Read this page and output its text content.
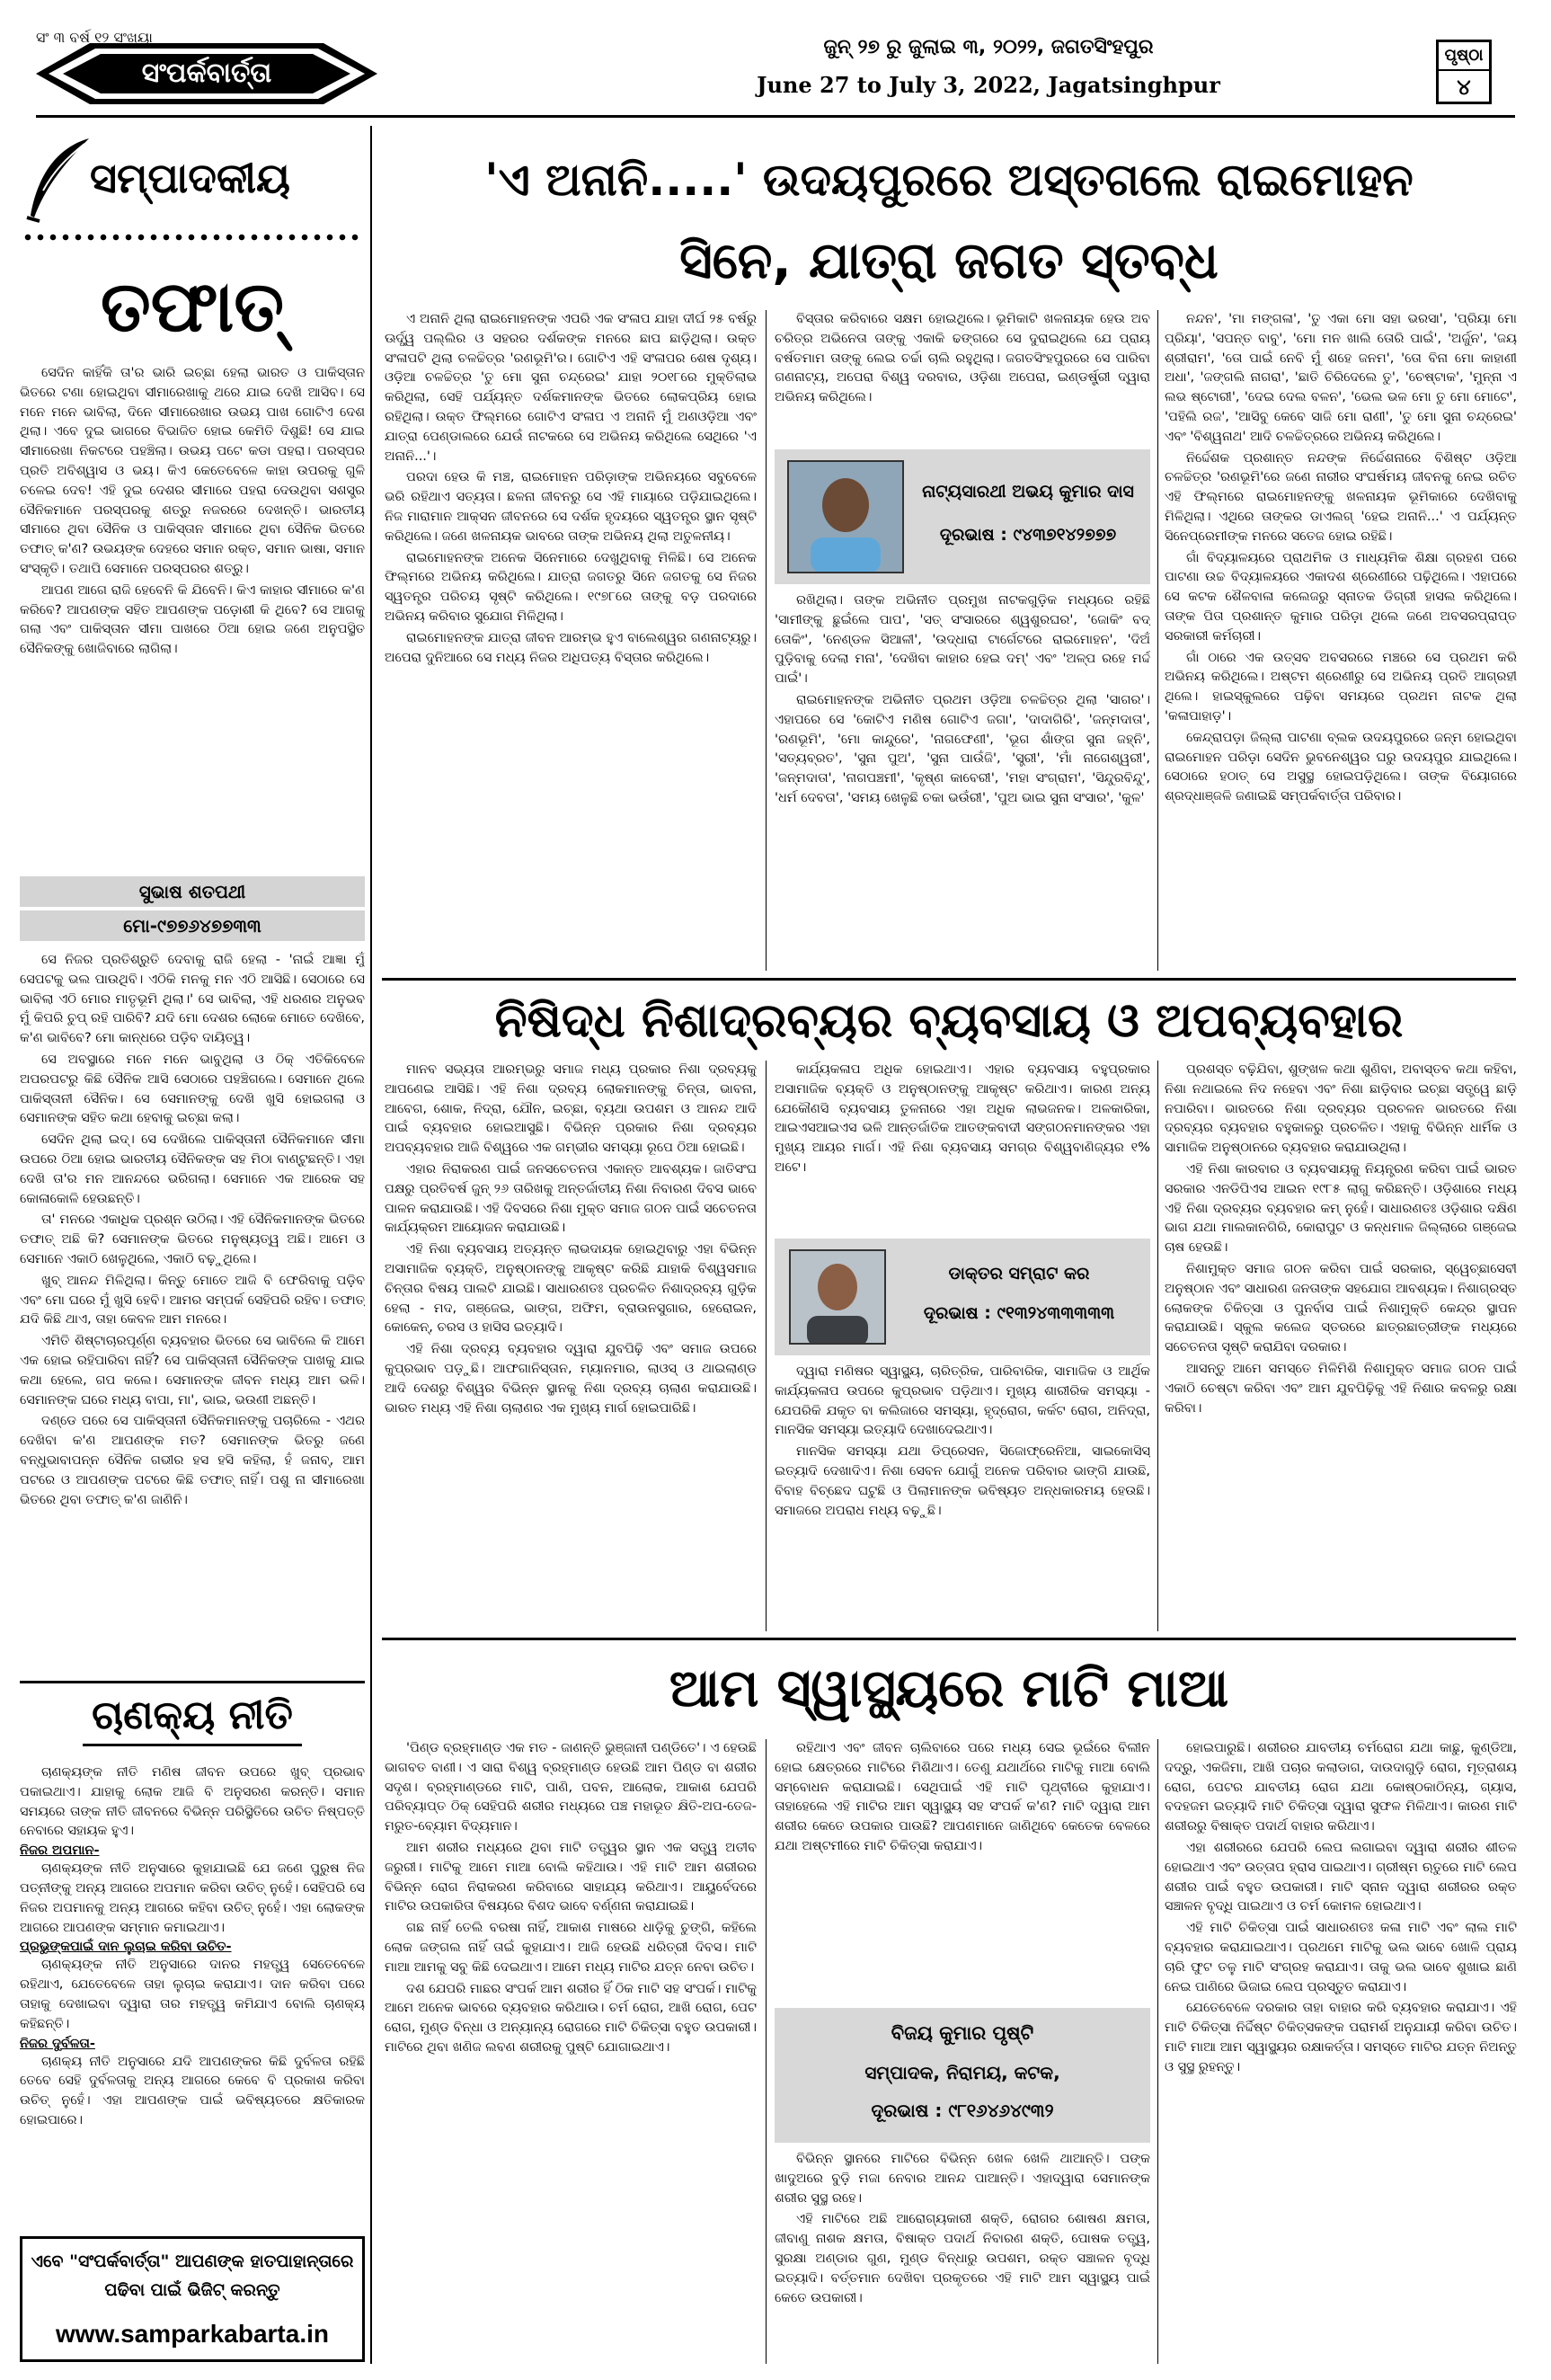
ସଂ ୩ ବର୍ଷ ୧୨ ସଂଖ୍ୟା
ସଂପର୍କବାର୍ତ୍ତା
ଜୁନ୍ ୨୭ ରୁ ଜୁଲାଇ ୩, ୨୦୨୨, ଜଗତସିଂହପୁର
June 27 to July 3, 2022, Jagatsinghpur
ପୃଷ୍ଠା
୪
ସମ୍ପାଦକୀୟ
ତଫାତ୍

ସେଦିନ କାହିଁକି ତା'ର ଭାରି ଇଚ୍ଛା ହେଲା ଭାରତ ଓ ପାକିସ୍ତାନ ଭିତରେ ଟଣା ହୋଇଥିବା ସୀମାରେଖାକୁ ଥରେ ଯାଇ ଦେଖି ଆସିବ। ସେ ମନେ ମନେ ଭାବିଲା, ଦିନେ ସୀମାରେଖାର ଉଭୟ ପାଖ ଗୋଟିଏ ଦେଶ ଥିଲା। ଏବେ ଦୁଇ ଭାଗରେ ବିଭାଜିତ ହୋଇ କେମିତି ଦିଶୁଛି! ସେ ଯାଇ ସୀମାରେଖା ନିକଟରେ ପହଞ୍ଚିଲା। ଉଭୟ ପଟେ କଡା ପହରା। ପରସ୍ପର ପ୍ରତି ଅବିଶ୍ୱାସ ଓ ଭୟ। କିଏ କେତେବେଳେ କାହା ଉପରକୁ ଗୁଳି ଚଳେଇ ଦେବ! ଏହି ଦୁଇ ଦେଶର ସୀମାରେ ପହରା ଦେଉଥିବା ସଶସ୍ତ୍ର ସୈନିକମାନେ ପରସ୍ପରକୁ ଶତ୍ରୁ ନଜରରେ ଦେଖନ୍ତି। ଭାରତୀୟ ସୀମାରେ ଥିବା ସୈନିକ ଓ ପାକିସ୍ତାନ ସୀମାରେ ଥିବା ସୈନିକ ଭିତରେ ତଫାତ୍ କ'ଣ? ଉଭୟଙ୍କ ଦେହରେ ସମାନ ରକ୍ତ, ସମାନ ଭାଷା, ସମାନ ସଂସ୍କୃତି। ତଥାପି ସେମାନେ ପରସ୍ପରର ଶତ୍ରୁ।

ଆପଣ ଆଗେ ରାଜି ହେବେନି କି ଯିବେନି। କିଏ କାହାର ସୀମାରେ କ'ଣ କରିବେ? ଆପଣଙ୍କ ସହିତ ଆପଣଙ୍କ ପଡ଼ୋଶୀ କି ଥିବେ? ସେ ଆଗକୁ ଗଲା ଏବଂ ପାକିସ୍ତାନ ସୀମା ପାଖରେ ଠିଆ ହୋଇ ଜଣେ ଅନୁପସ୍ଥିତ ସୈନିକଙ୍କୁ ଖୋଜିବାରେ ଲାଗିଲା।

ସୁଭାଷ ଶତପଥୀ
ମୋ-୯୭୭୬୪୭୭୩୩

ସେ ନିଜର ପ୍ରତିଶ୍ରୁତି ଦେବାକୁ ରାଜି ହେଲା - 'ନାଇଁ ଆଜ୍ଞା ମୁଁ ସେପଟକୁ ଭଲ ପାଉଥିବି। ଏଠିକି ମନକୁ ମନ ଏଠି ଆସିଛି। ସେଠାରେ ସେ ଭାବିଲା ଏଠି ମୋର ମାତୃଭୂମି ଥିଲା।' ସେ ଭାବିଲା, ଏହି ଧରଣର ଅନୁଭବ ମୁଁ କିପରି ଚୁପ୍ ରହି ପାରିବି? ଯଦି ମୋ ଦେଶର ଲୋକେ ମୋତେ ଦେଖିବେ, କ'ଣ ଭାବିବେ? ମୋ କାନ୍ଧରେ ପଡ଼ିବ ଦାୟିତ୍ୱ।

ସେ ଅବସ୍ଥାରେ ମନେ ମନେ ଭାବୁଥିଲା ଓ ଠିକ୍ ଏତିକିବେଳେ ଅପରପଟରୁ କିଛି ସୈନିକ ଆସି ସେଠାରେ ପହଞ୍ଚିଗଲେ। ସେମାନେ ଥିଲେ ପାକିସ୍ତାନୀ ସୈନିକ। ସେ ସେମାନଙ୍କୁ ଦେଖି ଖୁସି ହୋଇଗଲା ଓ ସେମାନଙ୍କ ସହିତ କଥା ହେବାକୁ ଇଚ୍ଛା କଲା।

ସେଦିନ ଥିଲା ଇଦ୍। ସେ ଦେଖିଲେ ପାକିସ୍ତାନୀ ସୈନିକମାନେ ସୀମା ଉପରେ ଠିଆ ହୋଇ ଭାରତୀୟ ସୈନିକଙ୍କ ସହ ମିଠା ବାଣ୍ଟୁଛନ୍ତି। ଏହା ଦେଖି ତା'ର ମନ ଆନନ୍ଦରେ ଭରିଗଲା। ସେମାନେ ଏକ ଆରେକ ସହ କୋଳାକୋଳି ହେଉଛନ୍ତି।

ତା' ମନରେ ଏକାଧିକ ପ୍ରଶ୍ନ ଉଠିଲା। ଏହି ସୈନିକମାନଙ୍କ ଭିତରେ ତଫାତ୍ ଅଛି କି? ସେମାନଙ୍କ ଭିତରେ ମନୁଷ୍ୟତ୍ୱ ଅଛି। ଆମେ ଓ ସେମାନେ ଏକାଠି ଖେଳୁଥିଲେ, ଏକାଠି ବଢ଼ୁଥିଲେ।

ଖୁବ୍ ଆନନ୍ଦ ମିଳିଥିଲା। କିନ୍ତୁ ମୋତେ ଆଜି ବି ଫେରିବାକୁ ପଡ଼ିବ ଏବଂ ମୋ ଘରେ ମୁଁ ଖୁସି ହେବି। ଆମର ସମ୍ପର୍କ ସେହିପରି ରହିବ। ତଫାତ୍ ଯଦି କିଛି ଥାଏ, ତାହା କେବଳ ଆମ ମନରେ।

ଏମିତି ଶିଷ୍ଟାଚାରପୂର୍ଣ୍ଣ ବ୍ୟବହାର ଭିତରେ ସେ ଭାବିଲେ କି ଆମେ ଏକ ହୋଇ ରହିପାରିବା ନାହିଁ? ସେ ପାକିସ୍ତାନୀ ସୈନିକଙ୍କ ପାଖକୁ ଯାଇ କଥା ହେଲେ, ଗପ କଲେ। ସେମାନଙ୍କ ଜୀବନ ମଧ୍ୟ ଆମ ଭଳି। ସେମାନଙ୍କ ଘରେ ମଧ୍ୟ ବାପା, ମା', ଭାଇ, ଭଉଣୀ ଅଛନ୍ତି।

ଦଣ୍ଡେ ପରେ ସେ ପାକିସ୍ତାନୀ ସୈନିକମାନଙ୍କୁ ପଚାରିଲେ - ଏଥର ଦେଖିବା କ'ଣ ଆପଣଙ୍କ ମତ? ସେମାନଙ୍କ ଭିତରୁ ଜଣେ ବନ୍ଧୁଭାବାପନ୍ନ ସୈନିକ ଗଭୀର ହସ ହସି କହିଲା, ହଁ ଜନାବ୍, ଆମ ପଟରେ ଓ ଆପଣଙ୍କ ପଟରେ କିଛି ତଫାତ୍ ନାହିଁ। ପଶୁ ନା ସୀମାରେଖା ଭିତରେ ଥିବା ତଫାତ୍ କ'ଣ ଜାଣିନି।

ଚାଣକ୍ୟ ନୀତି

ଚାଣକ୍ୟଙ୍କ ନୀତି ମଣିଷ ଜୀବନ ଉପରେ ଖୁବ୍ ପ୍ରଭାବ ପକାଇଥାଏ। ଯାହାକୁ ଲୋକ ଆଜି ବି ଅନୁସରଣ କରନ୍ତି। ସମାନ ସମୟରେ ତାଙ୍କ ନୀତି ଜୀବନରେ ବିଭିନ୍ନ ପରିସ୍ଥିତିରେ ଉଚିତ ନିଷ୍ପତ୍ତି ନେବାରେ ସହାୟକ ହୁଏ।

ନିଜର ଅପମାନ-

ଚାଣକ୍ୟଙ୍କ ନୀତି ଅନୁସାରେ କୁହାଯାଇଛି ଯେ ଜଣେ ପୁରୁଷ ନିଜ ପତ୍ନୀଙ୍କୁ ଅନ୍ୟ ଆଗରେ ଅପମାନ କରିବା ଉଚିତ୍ ନୁହେଁ। ସେହିପରି ସେ ନିଜର ଅପମାନକୁ ଅନ୍ୟ ଆଗରେ କହିବା ଉଚିତ୍ ନୁହେଁ। ଏହା ଲୋକଙ୍କ ଆଗରେ ଆପଣଙ୍କ ସମ୍ମାନ କମାଇଥାଏ।

ପ୍ରଭୁଙ୍କପାଇଁ ଦାନ ଲୁଚାଇ କରିବା ଉଚିତ-

ଚାଣକ୍ୟଙ୍କ ନୀତି ଅନୁସାରେ ଦାନର ମହତ୍ତ୍ୱ ସେତେବେଳେ ରହିଥାଏ, ଯେତେବେଳେ ତାହା ଲୁଚାଇ କରାଯାଏ। ଦାନ କରିବା ପରେ ତାହାକୁ ଦେଖାଇବା ଦ୍ୱାରା ତାର ମହତ୍ତ୍ୱ କମିଯାଏ ବୋଲି ଚାଣକ୍ୟ କହିଛନ୍ତି।

ନିଜର ଦୁର୍ବଳତା-

ଚାଣକ୍ୟ ନୀତି ଅନୁସାରେ ଯଦି ଆପଣଙ୍କର କିଛି ଦୁର୍ବଳତା ରହିଛି ତେବେ ସେହି ଦୁର୍ବଳତାକୁ ଅନ୍ୟ ଆଗରେ କେବେ ବି ପ୍ରକାଶ କରିବା ଉଚିତ୍ ନୁହେଁ। ଏହା ଆପଣଙ୍କ ପାଇଁ ଭବିଷ୍ୟତରେ କ୍ଷତିକାରକ ହୋଇପାରେ।

ଏବେ "ସଂପର୍କବାର୍ତ୍ତା" ଆପଣଙ୍କ ହାତପାହାନ୍ତାରେ
ପଢିବା ପାଇଁ ଭିଜିଟ୍ କରନ୍ତୁ
www.samparkabarta.in
'ଏ ଅନାନି.....' ଉଦୟପୁରରେ ଅସ୍ତଗଲେ ରାଇମୋହନ
ସିନେ, ଯାତ୍ରା ଜଗତ ସ୍ତବ୍ଧ

ଏ ଅନାନି ଥିଲା ରାଇମୋହନଙ୍କ ଏପରି ଏକ ସଂଳାପ ଯାହା ଦୀର୍ଘ ୨୫ ବର୍ଷରୁ ଊର୍ଦ୍ଧ୍ୱ ପଲ୍ଲିର ଓ ସହରର ଦର୍ଶକଙ୍କ ମନରେ ଛାପ ଛାଡ଼ିଥିଲା। ଉକ୍ତ ସଂଳାପଟି ଥିଲା ଚଳଚ୍ଚିତ୍ର 'ରଣଭୂମି'ର। ଗୋଟିଏ ଏହି ସଂଳାପର ଶେଷ ଦୃଶ୍ୟ। ଓଡ଼ିଆ ଚଳଚ୍ଚିତ୍ର 'ତୁ ମୋ ସୁନା ଚନ୍ଦ୍ରେଇ' ଯାହା ୨୦୧୮ରେ ମୁକ୍ତିଲାଭ କରିଥିଲା, ସେହି ପର୍ଯ୍ୟନ୍ତ ଦର୍ଶକମାନଙ୍କ ଭିତରେ ଲୋକପ୍ରିୟ ହୋଇ ରହିଥିଲା। ଉକ୍ତ ଫିଲ୍ମରେ ଗୋଟିଏ ସଂଳାପ ଏ ଅନାନି ମୁଁ ଅଣଓଡ଼ିଆ ଏବଂ ଯାତ୍ରା ପେଣ୍ଡାଲରେ ଯେଉଁ ନାଟକରେ ସେ ଅଭିନୟ କରିଥିଲେ ସେଥିରେ 'ଏ ଅନାନି...'।

ପରଦା ହେଉ କି ମଞ୍ଚ, ରାଇମୋହନ ପରିଡ଼ାଙ୍କ ଅଭିନୟରେ ସବୁବେଳେ ଭରି ରହିଥାଏ ସତ୍ୟତା। ଛଳନା ଜୀବନରୁ ସେ ଏହି ମାୟାରେ ପଡ଼ିଯାଇଥିଲେ। ନିଜ ମାରାମାନ ଆକ୍ସନ ଜୀବନରେ ସେ ଦର୍ଶକ ହୃଦୟରେ ସ୍ୱତନ୍ତ୍ର ସ୍ଥାନ ସୃଷ୍ଟି କରିଥିଲେ। ଜଣେ ଖଳନାୟକ ଭାବରେ ତାଙ୍କ ଅଭିନୟ ଥିଲା ଅତୁଳନୀୟ।

ରାଇମୋହନଙ୍କ ଅନେକ ସିନେମାରେ ଦେଖୁଥିବାକୁ ମିଳିଛି। ସେ ଅନେକ ଫିଲ୍ମରେ ଅଭିନୟ କରିଥିଲେ। ଯାତ୍ରା ଜଗତରୁ ସିନେ ଜଗତକୁ ସେ ନିଜର ସ୍ୱତନ୍ତ୍ର ପରିଚୟ ସୃଷ୍ଟି କରିଥିଲେ। ୧୯୭୮ରେ ତାଙ୍କୁ ବଡ଼ ପରଦାରେ ଅଭିନୟ କରିବାର ସୁଯୋଗ ମିଳିଥିଲା।

ରାଇମୋହନଙ୍କ ଯାତ୍ରା ଜୀବନ ଆରମ୍ଭ ହୁଏ ବାଲେଶ୍ୱର ଗଣନାଟ୍ୟରୁ। ଅପେରା ଦୁନିଆରେ ସେ ମଧ୍ୟ ନିଜର ଅଧିପତ୍ୟ ବିସ୍ତାର କରିଥିଲେ।

ବିସ୍ତାର କରିବାରେ ସକ୍ଷମ ହୋଇଥିଲେ। ଭୂମିକାଟି ଖଳନାୟକ ହେଉ ଅବ ଚରିତ୍ର ଅଭିନେତା ତାଙ୍କୁ ଏକାକି ଢଙ୍ଗରେ ସେ ଦୁରାଇଥିଲେ ଯେ ପ୍ରାୟ ବର୍ଷତମାମ ତାଙ୍କୁ ଲେଇ ଚର୍ଚ୍ଚା ଚାଲି ରହୁଥିଲା। ଜଗତସିଂହପୁରରେ ସେ ପାରିବା ଗଣନାଟ୍ୟ, ଅପେରା ବିଶ୍ୱ ଦରବାର, ଓଡ଼ିଶା ଅପେରା, ଇଣ୍ଡର୍ଷ୍ଟ୍ରୀ ଦ୍ୱାରା ଅଭିନୟ କରିଥିଲେ।

ନାଟ୍ୟସାରଥୀ ଅଭୟ କୁମାର ଦାସ
ଦୂରଭାଷ : ୯୪୩୭୧୪୨୭୭୭

ରଖିଥିଲା। ତାଙ୍କ ଅଭିନୀତ ପ୍ରମୁଖ ନାଟକଗୁଡ଼ିକ ମଧ୍ୟରେ ରହିଛି 'ସାମୀଙ୍କୁ ଛୁଇଁଲେ ପାପ', 'ସତ୍ ସଂସାରରେ ଶ୍ୱଶୁରଘର', 'ଜୋକିଂ ବଦ୍ ତୋକିଂ', 'ନେଣ୍ଡଳ ସିଆଳୀ', 'ଉଦ୍ଧାରା ଟାର୍ଗେଟରେ ରାଇମୋହନ', 'ଦିଅଁ ପୁଡ଼ିବାକୁ ଦେଲା ମନା', 'ଦେଖିବା କାହାର ହେଇ ଦମ୍' ଏବଂ 'ଅଳ୍ପ ରହେ ମର୍ଦ୍ଦ ପାଇଁ'।

ରାଇମୋହନଙ୍କ ଅଭିନୀତ ପ୍ରଥମ ଓଡ଼ିଆ ଚଳଚ୍ଚିତ୍ର ଥିଲା 'ସାଗର'। ଏହାପରେ ସେ 'କୋଟିଏ ମଣିଷ ଗୋଟିଏ ଜଗା', 'ଦାଦାଗିରି', 'ଜନ୍ମଦାତା', 'ରଣଭୂମି', 'ମୋ କାନ୍ଦୁରେ', 'ନାଗଫେଣୀ', 'ଭୂଗ ଶାଁଙ୍ଗ ସୁନା ଜହ୍ନି', 'ସତ୍ୟବ୍ରତ', 'ସୁନା ପୁଅ', 'ସୁନା ପାଉଁଜି', 'ସ୍ତ୍ରୀ', 'ମାଁ ନାଗେଶ୍ୱରୀ', 'ଜନ୍ମଦାତା', 'ନାଗପଞ୍ଚମୀ', 'କୃଷ୍ଣ କାବେରୀ', 'ମହା ସଂଗ୍ରାମ', 'ସିନ୍ଦୁରବିନ୍ଦୁ', 'ଧର୍ମ ଦେବତା', 'ସମୟ ଖେଳୁଛି ଚକା ଭଉଁରୀ', 'ପୁଅ ଭାଇ ସୁନା ସଂସାର', 'କୁଳ'

ନନ୍ଦନ', 'ମା ମଙ୍ଗଳା', 'ତୁ ଏକା ମୋ ସହା ଭରସା', 'ପ୍ରିୟା ମୋ ପ୍ରିୟା', 'ସପନ୍ତ ବାବୁ', 'ମୋ ମନ ଖାଲି ତୋରି ପାଇଁ', 'ଅର୍ଜୁନ', 'ଜୟ ଶ୍ରୀରାମ', 'ତୋ ପାଇଁ ନେବି ମୁଁ ଶହେ ଜନମ', 'ତୋ ବିନା ମୋ କାହାଣୀ ଅଧା', 'ଜଙ୍ଗଲି ନାଗରା', 'ଛାତି ଚିରିଦେଲେ ତୁ', 'ଚେଷ୍ଟାକ', 'ମୁନ୍ନା ଏ ଲଭ ଷ୍ଟୋରୀ', 'ଦେଇ ଦେଲ ବଳନ', 'ଭେଲ ଭଳ ମୋ ତୁ ମୋ ମୋଟେ', 'ପହିଲି ରଜ', 'ଆସିବୁ କେବେ ସାଜି ମୋ ରାଣୀ', 'ତୁ ମୋ ସୁନା ଚନ୍ଦ୍ରେଇ' ଏବଂ 'ବିଶ୍ୱନାଥ' ଆଦି ଚଳଚ୍ଚିତ୍ରରେ ଅଭିନୟ କରିଥିଲେ।

ନିର୍ଦ୍ଦେଶକ ପ୍ରଶାନ୍ତ ନନ୍ଦଙ୍କ ନିର୍ଦ୍ଦେଶନାରେ ବିଶିଷ୍ଟ ଓଡ଼ିଆ ଚଳଚ୍ଚିତ୍ର 'ରଣଭୂମି'ରେ ଜଣେ ନାରୀର ସଂଘର୍ଷମୟ ଜୀବନକୁ ନେଇ ରଚିତ ଏହି ଫିଲ୍ମରେ ରାଇମୋହନଙ୍କୁ ଖଳନାୟକ ଭୂମିକାରେ ଦେଖିବାକୁ ମିଳିଥିଲା। ଏଥିରେ ତାଙ୍କର ଡାଏଲଗ୍ 'ହେଇ ଅନାନି...' ଏ ପର୍ଯ୍ୟନ୍ତ ସିନେପ୍ରେମୀଙ୍କ ମନରେ ସତେଜ ହୋଇ ରହିଛି।

ଗାଁ ବିଦ୍ୟାଳୟରେ ପ୍ରାଥମିକ ଓ ମାଧ୍ୟମିକ ଶିକ୍ଷା ଗ୍ରହଣ ପରେ ପାଟଣା ଉଚ୍ଚ ବିଦ୍ୟାଳୟରେ ଏକାଦଶ ଶ୍ରେଣୀରେ ପଢ଼ିଥିଲେ। ଏହାପରେ ସେ କଟକ ଶୈଳବାଳା କଲେଜରୁ ସ୍ନାତକ ଡିଗ୍ରୀ ହାସଲ କରିଥିଲେ। ତାଙ୍କ ପିତା ପ୍ରଶାନ୍ତ କୁମାର ପରିଡ଼ା ଥିଲେ ଜଣେ ଅବସରପ୍ରାପ୍ତ ସରକାରୀ କର୍ମଚାରୀ।

ଗାଁ ଠାରେ ଏକ ଉତ୍ସବ ଅବସରରେ ମଞ୍ଚରେ ସେ ପ୍ରଥମ କରି ଅଭିନୟ କରିଥିଲେ। ଅଷ୍ଟମ ଶ୍ରେଣୀରୁ ସେ ଅଭିନୟ ପ୍ରତି ଆଗ୍ରହୀ ଥିଲେ। ହାଇସ୍କୁଲରେ ପଢ଼ିବା ସମୟରେ ପ୍ରଥମ ନାଟକ ଥିଲା 'କଳାପାହାଡ଼'।

କେନ୍ଦ୍ରାପଡ଼ା ଜିଲ୍ଲା ପାଟଣା ବ୍ଲକ ଉଦୟପୁରରେ ଜନ୍ମ ହୋଇଥିବା ରାଇମୋହନ ପରିଡ଼ା ସେଦିନ ଭୁବନେଶ୍ୱର ଘରୁ ଉଦୟପୁର ଯାଇଥିଲେ। ସେଠାରେ ହଠାତ୍ ସେ ଅସୁସ୍ଥ ହୋଇପଡ଼ିଥିଲେ। ତାଙ୍କ ବିୟୋଗରେ ଶ୍ରଦ୍ଧାଞ୍ଜଳି ଜଣାଇଛି ସମ୍ପର୍କବାର୍ତ୍ତା ପରିବାର।

ନିଷିଦ୍ଧ ନିଶାଦ୍ରବ୍ୟର ବ୍ୟବସାୟ ଓ ଅପବ୍ୟବହାର

ମାନବ ସଭ୍ୟତା ଆରମ୍ଭରୁ ସମାଜ ମଧ୍ୟ ପ୍ରକାର ନିଶା ଦ୍ରବ୍ୟକୁ ଆପଣେଇ ଆସିଛି। ଏହି ନିଶା ଦ୍ରବ୍ୟ ଲୋକମାନଙ୍କୁ ଚିନ୍ତା, ଭାବନା, ଆବେଗ, ଶୋକ, ନିଦ୍ରା, ଯୌନ, ଇଚ୍ଛା, ବ୍ୟଥା ଉପଶମ ଓ ଆନନ୍ଦ ଆଦି ପାଇଁ ବ୍ୟବହାର ହୋଇଆସୁଛି। ବିଭିନ୍ନ ପ୍ରକାର ନିଶା ଦ୍ରବ୍ୟର ଅପବ୍ୟବହାର ଆଜି ବିଶ୍ୱରେ ଏକ ଗମ୍ଭୀର ସମସ୍ୟା ରୂପେ ଠିଆ ହୋଇଛି।

ଏହାର ନିରାକରଣ ପାଇଁ ଜନସଚେତନତା ଏକାନ୍ତ ଆବଶ୍ୟକ। ଜାତିସଂଘ ପକ୍ଷରୁ ପ୍ରତିବର୍ଷ ଜୁନ୍ ୨୬ ତାରିଖକୁ ଅନ୍ତର୍ଜାତୀୟ ନିଶା ନିବାରଣ ଦିବସ ଭାବେ ପାଳନ କରାଯାଉଛି। ଏହି ଦିବସରେ ନିଶା ମୁକ୍ତ ସମାଜ ଗଠନ ପାଇଁ ସଚେତନତା କାର୍ଯ୍ୟକ୍ରମ ଆୟୋଜନ କରାଯାଉଛି।

ଏହି ନିଶା ବ୍ୟବସାୟ ଅତ୍ୟନ୍ତ ଲାଭଦାୟକ ହୋଇଥିବାରୁ ଏହା ବିଭିନ୍ନ ଅସାମାଜିକ ବ୍ୟକ୍ତି, ଅନୁଷ୍ଠାନଙ୍କୁ ଆକୃଷ୍ଟ କରିଛି ଯାହାକି ବିଶ୍ୱସମାଜ ଚିନ୍ତାର ବିଷୟ ପାଲଟି ଯାଇଛି। ସାଧାରଣତଃ ପ୍ରଚଳିତ ନିଶାଦ୍ରବ୍ୟ ଗୁଡ଼ିକ ହେଲା - ମଦ, ଗଞ୍ଜେଇ, ଭାଙ୍ଗ, ଅଫିମ, ବ୍ରାଉନସୁଗାର, ହେରୋଇନ, କୋକେନ୍, ଚରସ ଓ ହାସିସ ଇତ୍ୟାଦି।

ଏହି ନିଶା ଦ୍ରବ୍ୟ ବ୍ୟବହାର ଦ୍ୱାରା ଯୁବପିଢ଼ି ଏବଂ ସମାଜ ଉପରେ କୁପ୍ରଭାବ ପଡ଼ୁଛି। ଆଫଗାନିସ୍ତାନ, ମ୍ୟାନମାର, ଲାଓସ୍ ଓ ଥାଇଲାଣ୍ଡ ଆଦି ଦେଶରୁ ବିଶ୍ୱର ବିଭିନ୍ନ ସ୍ଥାନକୁ ନିଶା ଦ୍ରବ୍ୟ ଚାଲାଣ କରାଯାଉଛି। ଭାରତ ମଧ୍ୟ ଏହି ନିଶା ଚାଲାଣର ଏକ ମୁଖ୍ୟ ମାର୍ଗ ହୋଇପାରିଛି।

କାର୍ଯ୍ୟକଳାପ ଅଧିକ ହୋଇଥାଏ। ଏହାର ବ୍ୟବସାୟ ବହୁପ୍ରକାର ଅସାମାଜିକ ବ୍ୟକ୍ତି ଓ ଅନୁଷ୍ଠାନଙ୍କୁ ଆକୃଷ୍ଟ କରିଥାଏ। କାରଣ ଅନ୍ୟ ଯେକୌଣସି ବ୍ୟବସାୟ ତୁଳନାରେ ଏହା ଅଧିକ ଲାଭଜନକ। ଅଳକାରିକା, ଆଇଏସଆଇଏସ ଭଳି ଆନ୍ତର୍ଜାତିକ ଆତଙ୍କବାଦୀ ସଙ୍ଗଠନମାନଙ୍କର ଏହା ମୁଖ୍ୟ ଆୟର ମାର୍ଗ। ଏହି ନିଶା ବ୍ୟବସାୟ ସମଗ୍ର ବିଶ୍ୱବାଣିଜ୍ୟର ୧% ଅଟେ।

ଡାକ୍ତର ସମ୍ରାଟ କର
ଦୂରଭାଷ : ୯୧୩୨୪୩୩୩୩୩

ଦ୍ୱାରା ମଣିଷର ସ୍ୱାସ୍ଥ୍ୟ, ଚାରିତ୍ରିକ, ପାରିବାରିକ, ସାମାଜିକ ଓ ଆର୍ଥିକ କାର୍ଯ୍ୟକଳାପ ଉପରେ କୁପ୍ରଭାବ ପଡ଼ିଥାଏ। ମୁଖ୍ୟ ଶାରୀରିକ ସମସ୍ୟା - ଯେପରିକି ଯକୃତ ବା କଲିଜାରେ ସମସ୍ୟା, ହୃଦ୍ରୋଗ, କର୍କଟ ରୋଗ, ଅନିଦ୍ରା, ମାନସିକ ସମସ୍ୟା ଇତ୍ୟାଦି ଦେଖାଦେଇଥାଏ।

ମାନସିକ ସମସ୍ୟା ଯଥା ଡିପ୍ରେସନ, ସିଜୋଫ୍ରେନିଆ, ସାଇକୋସିସ୍ ଇତ୍ୟାଦି ଦେଖାଦିଏ। ନିଶା ସେବନ ଯୋଗୁଁ ଅନେକ ପରିବାର ଭାଙ୍ଗି ଯାଉଛି, ବିବାହ ବିଚ୍ଛେଦ ଘଟୁଛି ଓ ପିଲାମାନଙ୍କ ଭବିଷ୍ୟତ ଅନ୍ଧକାରମୟ ହେଉଛି। ସମାଜରେ ଅପରାଧ ମଧ୍ୟ ବଢ଼ୁଛି।

ପ୍ରଶସ୍ତ ବଢ଼ିଯିବା, ଶୁଙ୍ଖଳ କଥା ଶୁଣିବା, ଅବାସ୍ତବ କଥା କହିବା, ନିଶା ନଥାଇଲେ ନିଦ ନହେବା ଏବଂ ନିଶା ଛାଡ଼ିବାର ଇଚ୍ଛା ସତ୍ତ୍ୱେ ଛାଡ଼ି ନପାରିବା। ଭାରତରେ ନିଶା ଦ୍ରବ୍ୟର ପ୍ରଚଳନ ଭାରତରେ ନିଶା ଦ୍ରବ୍ୟର ବ୍ୟବହାର ବହୁକାଳରୁ ପ୍ରଚଳିତ। ଏହାକୁ ବିଭିନ୍ନ ଧାର୍ମିକ ଓ ସାମାଜିକ ଅନୁଷ୍ଠାନରେ ବ୍ୟବହାର କରାଯାଉଥିଲା।

ଏହି ନିଶା କାରବାର ଓ ବ୍ୟବସାୟକୁ ନିୟନ୍ତ୍ରଣ କରିବା ପାଇଁ ଭାରତ ସରକାର ଏନଡିପିଏସ ଆଇନ ୧୯୮୫ ଲାଗୁ କରିଛନ୍ତି। ଓଡ଼ିଶାରେ ମଧ୍ୟ ଏହି ନିଶା ଦ୍ରବ୍ୟର ବ୍ୟବହାର କମ୍ ନୁହେଁ। ସାଧାରଣତଃ ଓଡ଼ିଶାର ଦକ୍ଷିଣ ଭାଗ ଯଥା ମାଲକାନଗିରି, କୋରାପୁଟ ଓ କନ୍ଧମାଳ ଜିଲ୍ଲାରେ ଗଞ୍ଜେଇ ଚାଷ ହେଉଛି।

ନିଶାମୁକ୍ତ ସମାଜ ଗଠନ କରିବା ପାଇଁ ସରକାର, ସ୍ୱେଚ୍ଛାସେବୀ ଅନୁଷ୍ଠାନ ଏବଂ ସାଧାରଣ ଜନତାଙ୍କ ସହଯୋଗ ଆବଶ୍ୟକ। ନିଶାଗ୍ରସ୍ତ ଲୋକଙ୍କ ଚିକିତ୍ସା ଓ ପୁନର୍ବାସ ପାଇଁ ନିଶାମୁକ୍ତି କେନ୍ଦ୍ର ସ୍ଥାପନ କରାଯାଉଛି। ସ୍କୁଲ କଲେଜ ସ୍ତରରେ ଛାତ୍ରଛାତ୍ରୀଙ୍କ ମଧ୍ୟରେ ସଚେତନତା ସୃଷ୍ଟି କରାଯିବା ଦରକାର।

ଆସନ୍ତୁ ଆମେ ସମସ୍ତେ ମିଳିମିଶି ନିଶାମୁକ୍ତ ସମାଜ ଗଠନ ପାଇଁ ଏକାଠି ଚେଷ୍ଟା କରିବା ଏବଂ ଆମ ଯୁବପିଢ଼ିକୁ ଏହି ନିଶାର କବଳରୁ ରକ୍ଷା କରିବା।

ଆମ ସ୍ୱାସ୍ଥ୍ୟରେ ମାଟି ମାଆ

'ପିଣ୍ଡ ବ୍ରହ୍ମାଣ୍ଡ ଏକ ମତ - ଜାଣନ୍ତି ଭୁଞ୍ଜାନୀ ପଣ୍ଡିତେ'। ଏ ହେଉଛି ଭାଗବତ ବାଣୀ। ଏ ସାରା ବିଶ୍ୱ ବ୍ରହ୍ମାଣ୍ଡ ହେଉଛି ଆମ ପିଣ୍ଡ ବା ଶରୀର ସଦୃଶ। ବ୍ରହ୍ମାଣ୍ଡରେ ମାଟି, ପାଣି, ପବନ, ଆଲୋକ, ଆକାଶ ଯେପରି ପରିବ୍ୟାପ୍ତ ଠିକ୍ ସେହିପରି ଶରୀର ମଧ୍ୟରେ ପଞ୍ଚ ମହାଭୂତ କ୍ଷିତି-ଅପ-ତେଜ-ମରୁତ-ବ୍ୟୋମ ବିଦ୍ୟମାନ।

ଆମ ଶରୀର ମଧ୍ୟରେ ଥିବା ମାଟି ତତ୍ତ୍ୱର ସ୍ଥାନ ଏକ ସତ୍ତ୍ୱ ଅତୀବ ଜରୁରୀ। ମାଟିକୁ ଆମେ ମାଆ ବୋଲି କହିଥାଉ। ଏହି ମାଟି ଆମ ଶରୀରର ବିଭିନ୍ନ ରୋଗ ନିରାକରଣ କରିବାରେ ସାହାଯ୍ୟ କରିଥାଏ। ଆୟୁର୍ବେଦରେ ମାଟିର ଉପକାରିତା ବିଷୟରେ ବିଶଦ ଭାବେ ବର୍ଣ୍ଣନା କରାଯାଇଛି।

ଗଛ ନାହିଁ ତେଲି ବରଷା ନାହିଁ, ଆକାଶ ମାଷରେ ଧାଡ଼ିକୁ ଚୁଙ୍ଗି, କହିଲେ ଲୋକ ଜଙ୍ଗଲ ନାହିଁ ତାଇଁ କୁହାଯାଏ। ଆଜି ହେଉଛି ଧରିତ୍ରୀ ଦିବସ। ମାଟି ମାଆ ଆମକୁ ସବୁ କିଛି ଦେଇଥାଏ। ଆମେ ମଧ୍ୟ ମାଟିର ଯତ୍ନ ନେବା ଉଚିତ।

ଦଶ ଯେପରି ମାଛର ସଂପର୍କ ଆମ ଶରୀର ହିଁ ଠିକ ମାଟି ସହ ସଂପର୍କ। ମାଟିକୁ ଆମେ ଅନେକ ଭାବରେ ବ୍ୟବହାର କରିଥାଉ। ଚର୍ମ ରୋଗ, ଆଖି ରୋଗ, ପେଟ ରୋଗ, ମୁଣ୍ଡ ବିନ୍ଧା ଓ ଅନ୍ୟାନ୍ୟ ରୋଗରେ ମାଟି ଚିକିତ୍ସା ବହୁତ ଉପକାରୀ। ମାଟିରେ ଥିବା ଖଣିଜ ଲବଣ ଶରୀରକୁ ପୁଷ୍ଟି ଯୋଗାଇଥାଏ।

ରହିଥାଏ ଏବଂ ଜୀବନ ଚାଲିବାରେ ପରେ ମଧ୍ୟ ସେଇ ଭୂଇଁରେ ବିଲୀନ ହୋଇ କ୍ଷେତ୍ରରେ ମାଟିରେ ମିଶିଥାଏ। ତେଣୁ ଯଥାର୍ଥରେ ମାଟିକୁ ମାଆ ବୋଲି ସମ୍ବୋଧନ କରାଯାଇଛି। ସେଥିପାଇଁ ଏହି ମାଟି ପୃଥ୍ବୀରେ କୁହାଯାଏ। ତାହାହେଲେ ଏହି ମାଟିର ଆମ ସ୍ୱାସ୍ଥ୍ୟ ସହ ସଂପର୍କ କ'ଣ? ମାଟି ଦ୍ୱାରା ଆମ ଶରୀର କେତେ ଉପକାର ପାଉଛି? ଆପଣମାନେ ଜାଣିଥିବେ କେତେକ ବେଳରେ ଯଥା ଅଷ୍ଟମୀରେ ମାଟି ଚିକିତ୍ସା କରାଯାଏ।

ବିଜୟ କୁମାର ପୃଷ୍ଟି
ସମ୍ପାଦକ, ନିରାମୟ, କଟକ,
ଦୂରଭାଷ : ୯୮୧୬୪୬୪୯୩୨

ବିଭିନ୍ନ ସ୍ଥାନରେ ମାଟିରେ ବିଭିନ୍ନ ଖେଳ ଖେଳି ଥାଆନ୍ତି। ପଙ୍କ ଖାଦୁଅରେ ବୁଡ଼ି ମଜା ନେବାର ଆନନ୍ଦ ପାଆନ୍ତି। ଏହାଦ୍ୱାରା ସେମାନଙ୍କ ଶରୀର ସୁସ୍ଥ ରହେ।

ଏହି ମାଟିରେ ଅଛି ଆରୋଗ୍ୟକାରୀ ଶକ୍ତି, ରୋଗର ଶୋଷଣ କ୍ଷମତା, ଜୀବାଣୁ ନାଶକ କ୍ଷମତା, ବିଷାକ୍ତ ପଦାର୍ଥ ନିବାରଣ ଶକ୍ତି, ପୋଷକ ତତ୍ତ୍ୱ, ସୁରକ୍ଷା ଅଣ୍ଡାର ଗୁଣ, ମୁଣ୍ଡ ବିନ୍ଧାରୁ ଉପଶମ, ରକ୍ତ ସଞ୍ଚାଳନ ବୃଦ୍ଧି ଇତ୍ୟାଦି। ବର୍ତ୍ତମାନ ଦେଖିବା ପ୍ରକୃତରେ ଏହି ମାଟି ଆମ ସ୍ୱାସ୍ଥ୍ୟ ପାଇଁ କେତେ ଉପକାରୀ।

ହୋଇପାରୁଛି। ଶରୀରର ଯାବତୀୟ ଚର୍ମରୋଗ ଯଥା କାଛୁ, କୁଣ୍ଡିଆ, ଦଦ୍ରୁ, ଏକଜିମା, ଆଖି ପଚାର କଲାଡାଗ, ଦାଉଦାଗୁଡ଼ି ରୋଗ, ମୂତ୍ରାଶୟ ରୋଗ, ପେଟର ଯାବତୀୟ ରୋଗ ଯଥା କୋଷ୍ଠକାଠିନ୍ୟ, ଗ୍ୟାସ, ବଦହଜମ ଇତ୍ୟାଦି ମାଟି ଚିକିତ୍ସା ଦ୍ୱାରା ସୁଫଳ ମିଳିଥାଏ। କାରଣ ମାଟି ଶରୀରରୁ ବିଷାକ୍ତ ପଦାର୍ଥ ବାହାର କରିଥାଏ।

ଏହା ଶରୀରରେ ଯେପରି ଲେପ ଲଗାଇବା ଦ୍ୱାରା ଶରୀର ଶୀତଳ ହୋଇଥାଏ ଏବଂ ଉତ୍ତାପ ହ୍ରାସ ପାଇଥାଏ। ଗ୍ରୀଷ୍ମ ଋତୁରେ ମାଟି ଲେପ ଶରୀର ପାଇଁ ବହୁତ ଉପକାରୀ। ମାଟି ସ୍ନାନ ଦ୍ୱାରା ଶରୀରର ରକ୍ତ ସଞ୍ଚାଳନ ବୃଦ୍ଧି ପାଇଥାଏ ଓ ଚର୍ମ କୋମଳ ହୋଇଥାଏ।

ଏହି ମାଟି ଚିକିତ୍ସା ପାଇଁ ସାଧାରଣତଃ କଳା ମାଟି ଏବଂ ଲାଲ ମାଟି ବ୍ୟବହାର କରାଯାଇଥାଏ। ପ୍ରଥମେ ମାଟିକୁ ଭଲ ଭାବେ ଖୋଳି ପ୍ରାୟ ଚାରି ଫୁଟ ତଳୁ ମାଟି ସଂଗ୍ରହ କରାଯାଏ। ତାକୁ ଭଲ ଭାବେ ଶୁଖାଇ ଛାଣି ନେଇ ପାଣିରେ ଭିଜାଇ ଲେପ ପ୍ରସ୍ତୁତ କରାଯାଏ।

ଯେତେବେଳେ ଦରକାର ତାହା ବାହାର କରି ବ୍ୟବହାର କରାଯାଏ। ଏହି ମାଟି ଚିକିତ୍ସା ନିର୍ଦ୍ଦିଷ୍ଟ ଚିକିତ୍ସକଙ୍କ ପରାମର୍ଶ ଅନୁଯାୟୀ କରିବା ଉଚିତ। ମାଟି ମାଆ ଆମ ସ୍ୱାସ୍ଥ୍ୟର ରକ୍ଷାକର୍ତ୍ତା। ସମସ୍ତେ ମାଟିର ଯତ୍ନ ନିଅନ୍ତୁ ଓ ସୁସ୍ଥ ରୁହନ୍ତୁ।
